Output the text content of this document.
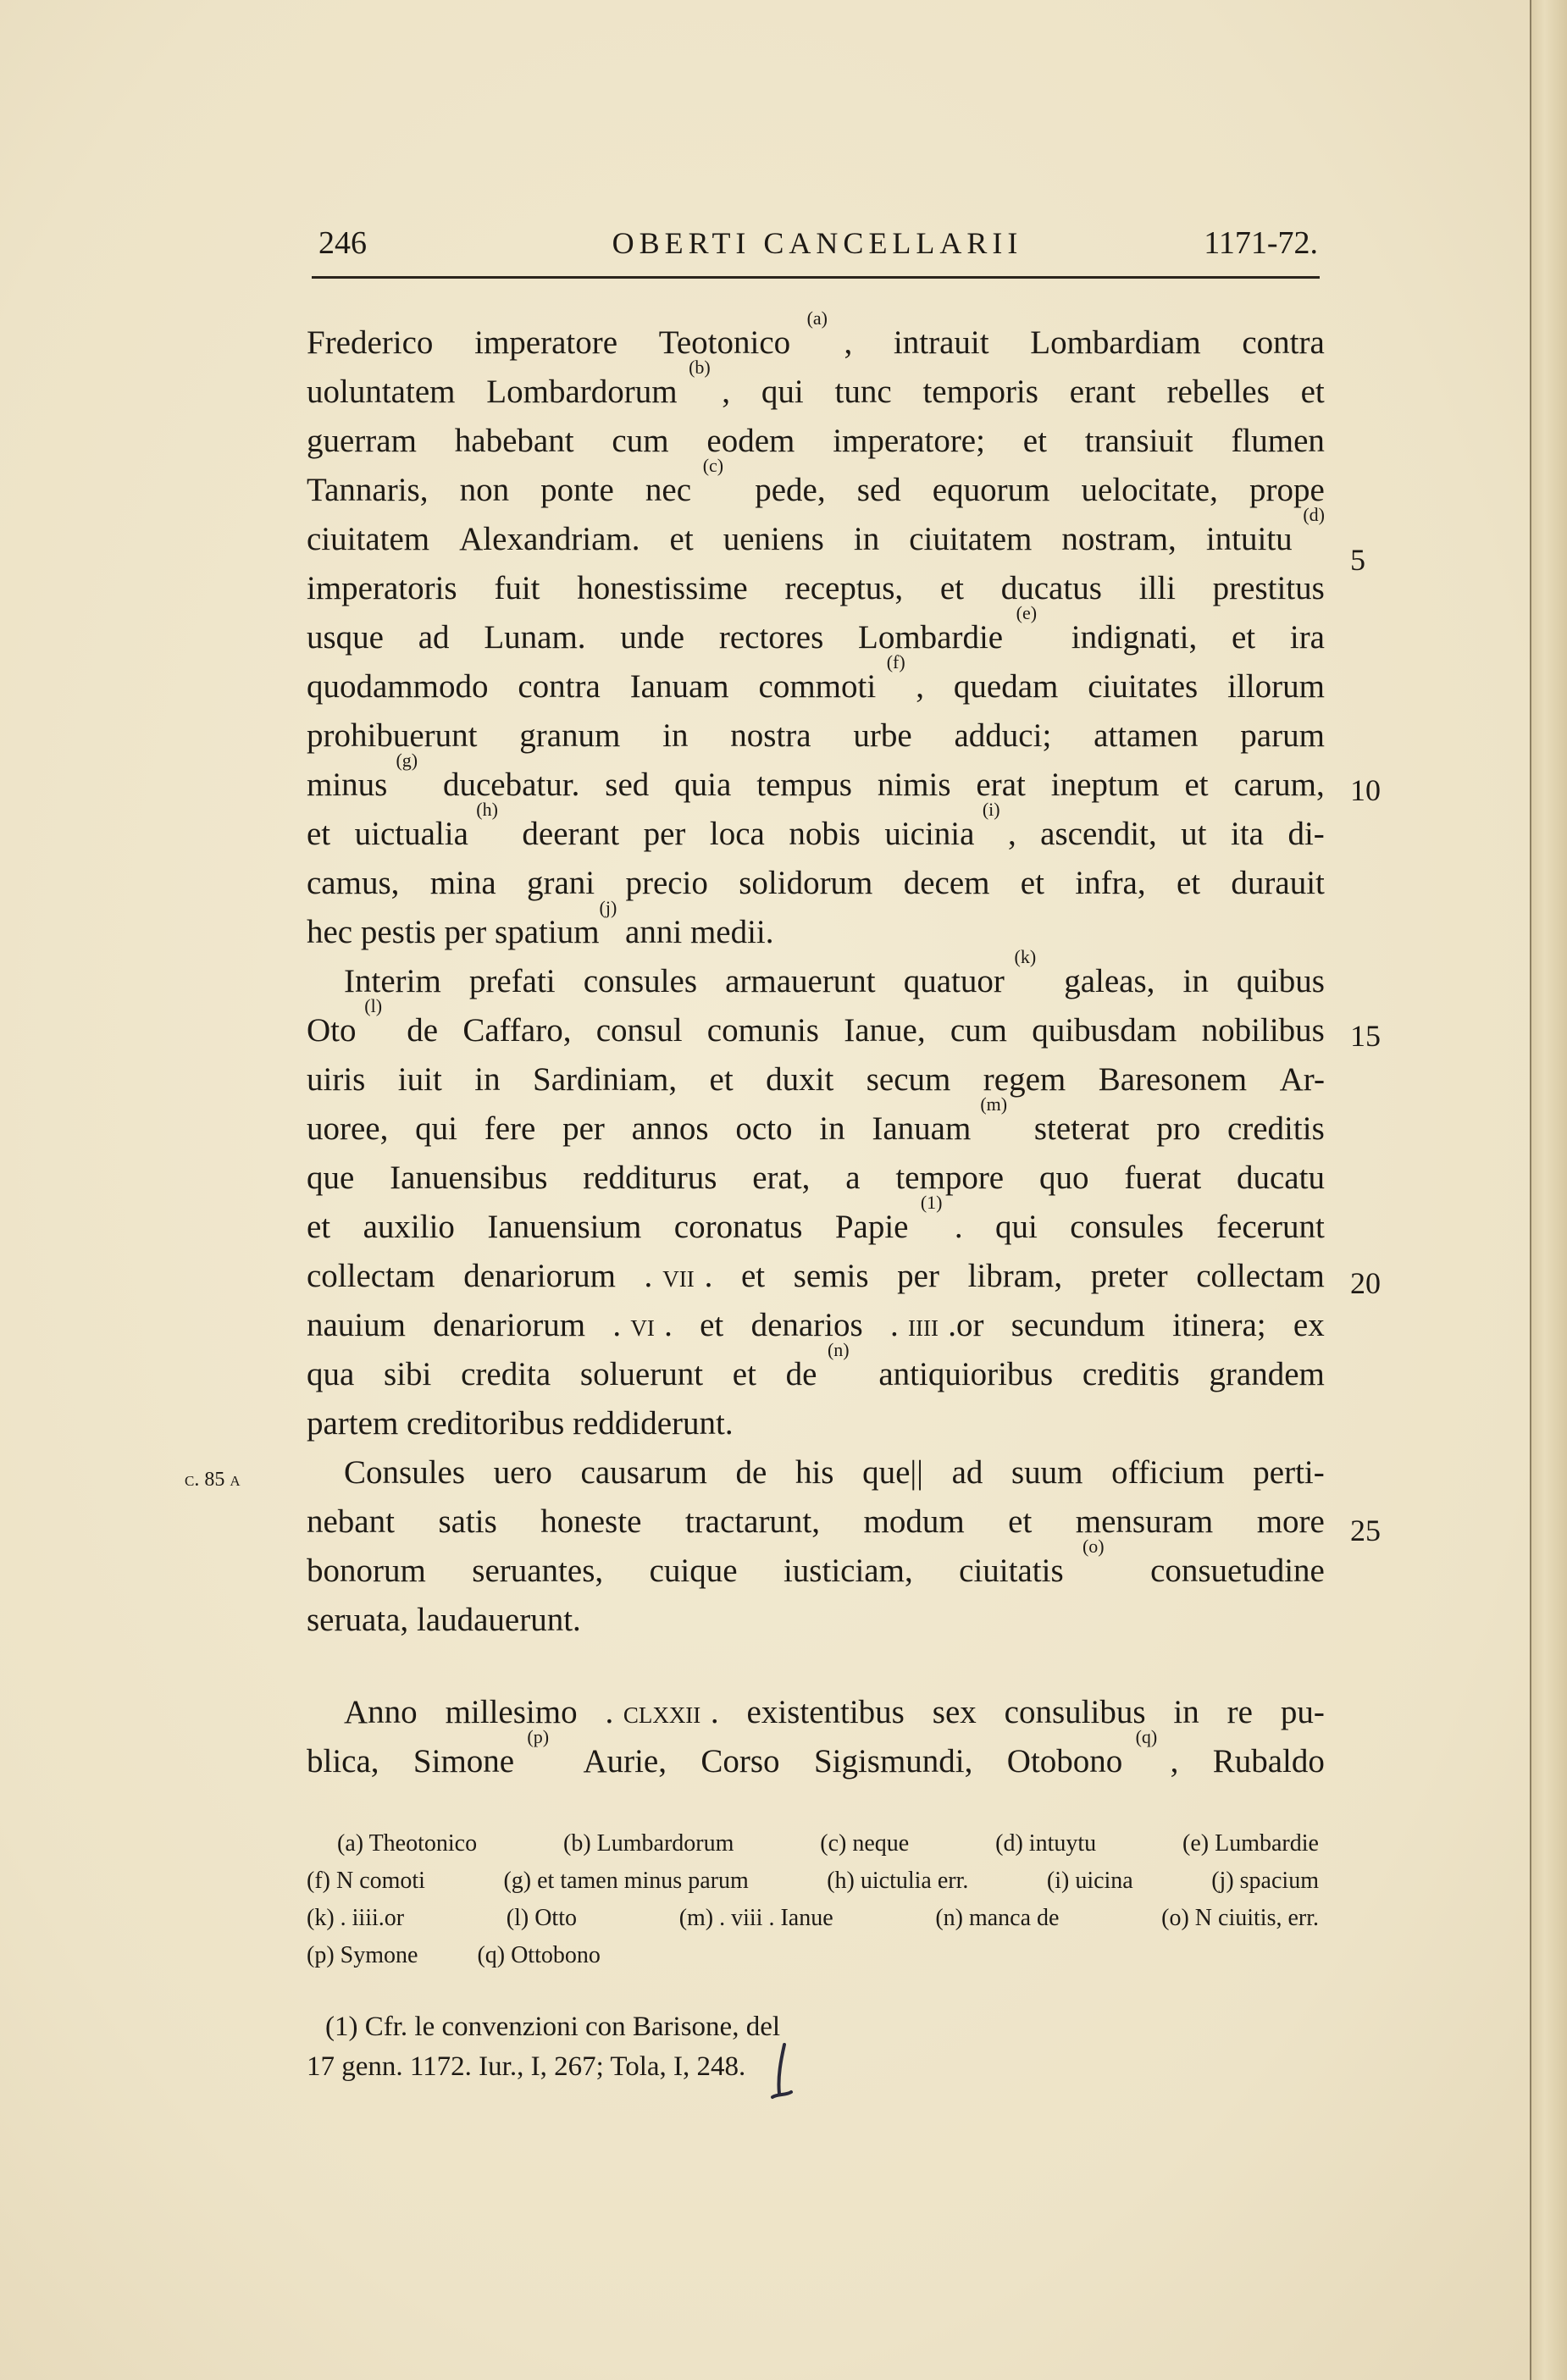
246	OBERTI CANCELLARII	1171-72.
Frederico
imperatore
Teotonico
(a)
,
intrauit
Lombardiam
contra
uoluntatem
Lombardorum
(b)
,
qui
tunc
temporis
erant
rebelles
et
guerram
habebant
cum
eodem
imperatore;
et
transiuit
flumen
Tannaris,
non
ponte
nec
(c)

pede,
sed
equorum
uelocitate,
prope
ciuitatem
Alexandriam.
et
ueniens
in
ciuitatem
nostram,
intuitu
(d)
imperatoris
fuit
honestissime
receptus,
et
ducatus
illi
prestitus
usque
ad
Lunam.
unde
rectores
Lombardie
(e)

indignati,
et
ira
quodammodo
contra
Ianuam
commoti
(f)
,
quedam
ciuitates
illorum
prohibuerunt
granum
in
nostra
urbe
adduci;
attamen
parum
minus
(g)

ducebatur.
sed
quia
tempus
nimis
erat
ineptum
et
carum,
et
uictualia
(h)

deerant
per
loca
nobis
uicinia
(i)
,
ascendit,
ut
ita
di-
camus,
mina
grani
precio
solidorum
decem
et
infra,
et
durauit
hec
pestis
per
spatium
(j)

anni
medii.
Interim
prefati
consules
armauerunt
quatuor
(k)

galeas,
in
quibus
Oto
(l)

de
Caffaro,
consul
comunis
Ianue,
cum
quibusdam
nobilibus
uiris
iuit
in
Sardiniam,
et
duxit
secum
regem
Baresonem
Ar-
uoree,
qui
fere
per
annos
octo
in
Ianuam
(m)

steterat
pro
creditis
que
Ianuensibus
redditurus
erat,
a
tempore
quo
fuerat
ducatu
et
auxilio
Ianuensium
coronatus
Papie
(1)
.
qui
consules
fecerunt
collectam
denariorum
. vii .
et
semis
per
libram,
preter
collectam
nauium
denariorum
. vi .
et
denarios
. iiii .or
secundum
itinera;
ex
qua
sibi
credita
soluerunt
et
de
(n)

antiquioribus
creditis
grandem
partem
creditoribus
reddiderunt.
Consules
uero
causarum
de
his
que||
ad
suum
officium
perti-
nebant
satis
honeste
tractarunt,
modum
et
mensuram
more
bonorum
seruantes,
cuique
iusticiam,
ciuitatis
(o)

consuetudine
seruata,
laudauerunt.
Anno
millesimo
. clxxii .
existentibus
sex
consulibus
in
re
pu-
blica,
Simone
(p)

Aurie,
Corso
Sigismundi,
Otobono
(q)
,
Rubaldo
5
10
15
20
25
c. 85 a
(a) Theotonico	(b) Lumbardorum	(c) neque	(d) intuytu	(e) Lumbardie
(f) N comoti	(g) et tamen minus parum	(h) uictulia err.	(i) uicina	(j) spacium
(k) . iiii.or	(l) Otto	(m) . viii . Ianue	(n) manca de	(o) N ciuitis, err.
(p) Symone	(q) Ottobono
(1) Cfr. le convenzioni con Barisone, del
17 genn. 1172. Iur., I, 267; Tola, I, 248.
